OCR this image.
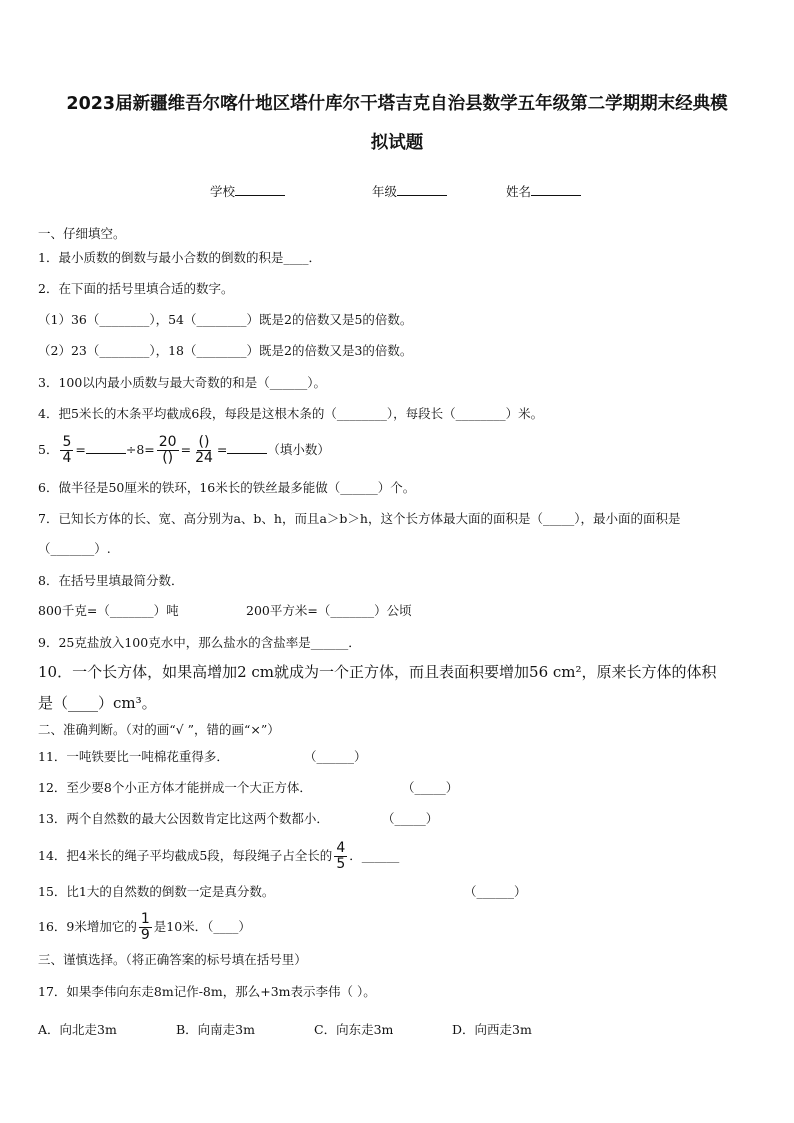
2023届新疆维吾尔喀什地区塔什库尔干塔吉克自治县数学五年级第二学期期末经典模
拟试题
学校	年级	姓名
一、仔细填空。
1．最小质数的倒数与最小合数的倒数的积是____．
2．在下面的括号里填合适的数字。
（1）36（________），54（________）既是2的倍数又是5的倍数。
（2）23（________），18（________）既是2的倍数又是3的倍数。
3．100以内最小质数与最大奇数的和是（______）。
4．把5米长的木条平均截成6段，每段是这根木条的（________），每段长（________）米。
5． $\frac{5}{4}$ =	$\div 8= \frac{20}{()} = \frac{()}{24}$ =	（填小数）
6．做半径是50厘米的铁环，16米长的铁丝最多能做（______）个。
7．已知长方体的长、宽、高分别为a、b、h，而且a＞b＞h，这个长方体最大面的面积是（_____），最小面的面积是
（_______）.
8．在括号里填最简分数．
800千克=（_______）吨	200平方米=（_______）公顷
9．25克盐放入100克水中，那么盐水的含盐率是______．
10．一个长方体，如果高增加2 cm就成为一个正方体，而且表面积要增加56 cm²，原来长方体的体积
是（____）cm³。
二、准确判断。（对的画“√ ”，错的画“×”）
11．一吨铁要比一吨棉花重得多．	（______）
12．至少要8个小正方体才能拼成一个大正方体．	（_____）
13．两个自然数的最大公因数肯定比这两个数都小．	（_____）
14．把4米长的绳子平均截成5段，每段绳子占全长的 $\frac{4}{5}$ ．______
15．比1大的自然数的倒数一定是真分数。	（______）
16．9米增加它的 $\frac{1}{9}$ 是10米．（____）
三、谨慎选择。（将正确答案的标号填在括号里）
17．如果李伟向东走8m记作-8m，那么+3m表示李伟（ ）。
A．向北走3m	B．向南走3m	C．向东走3m	D．向西走3m
